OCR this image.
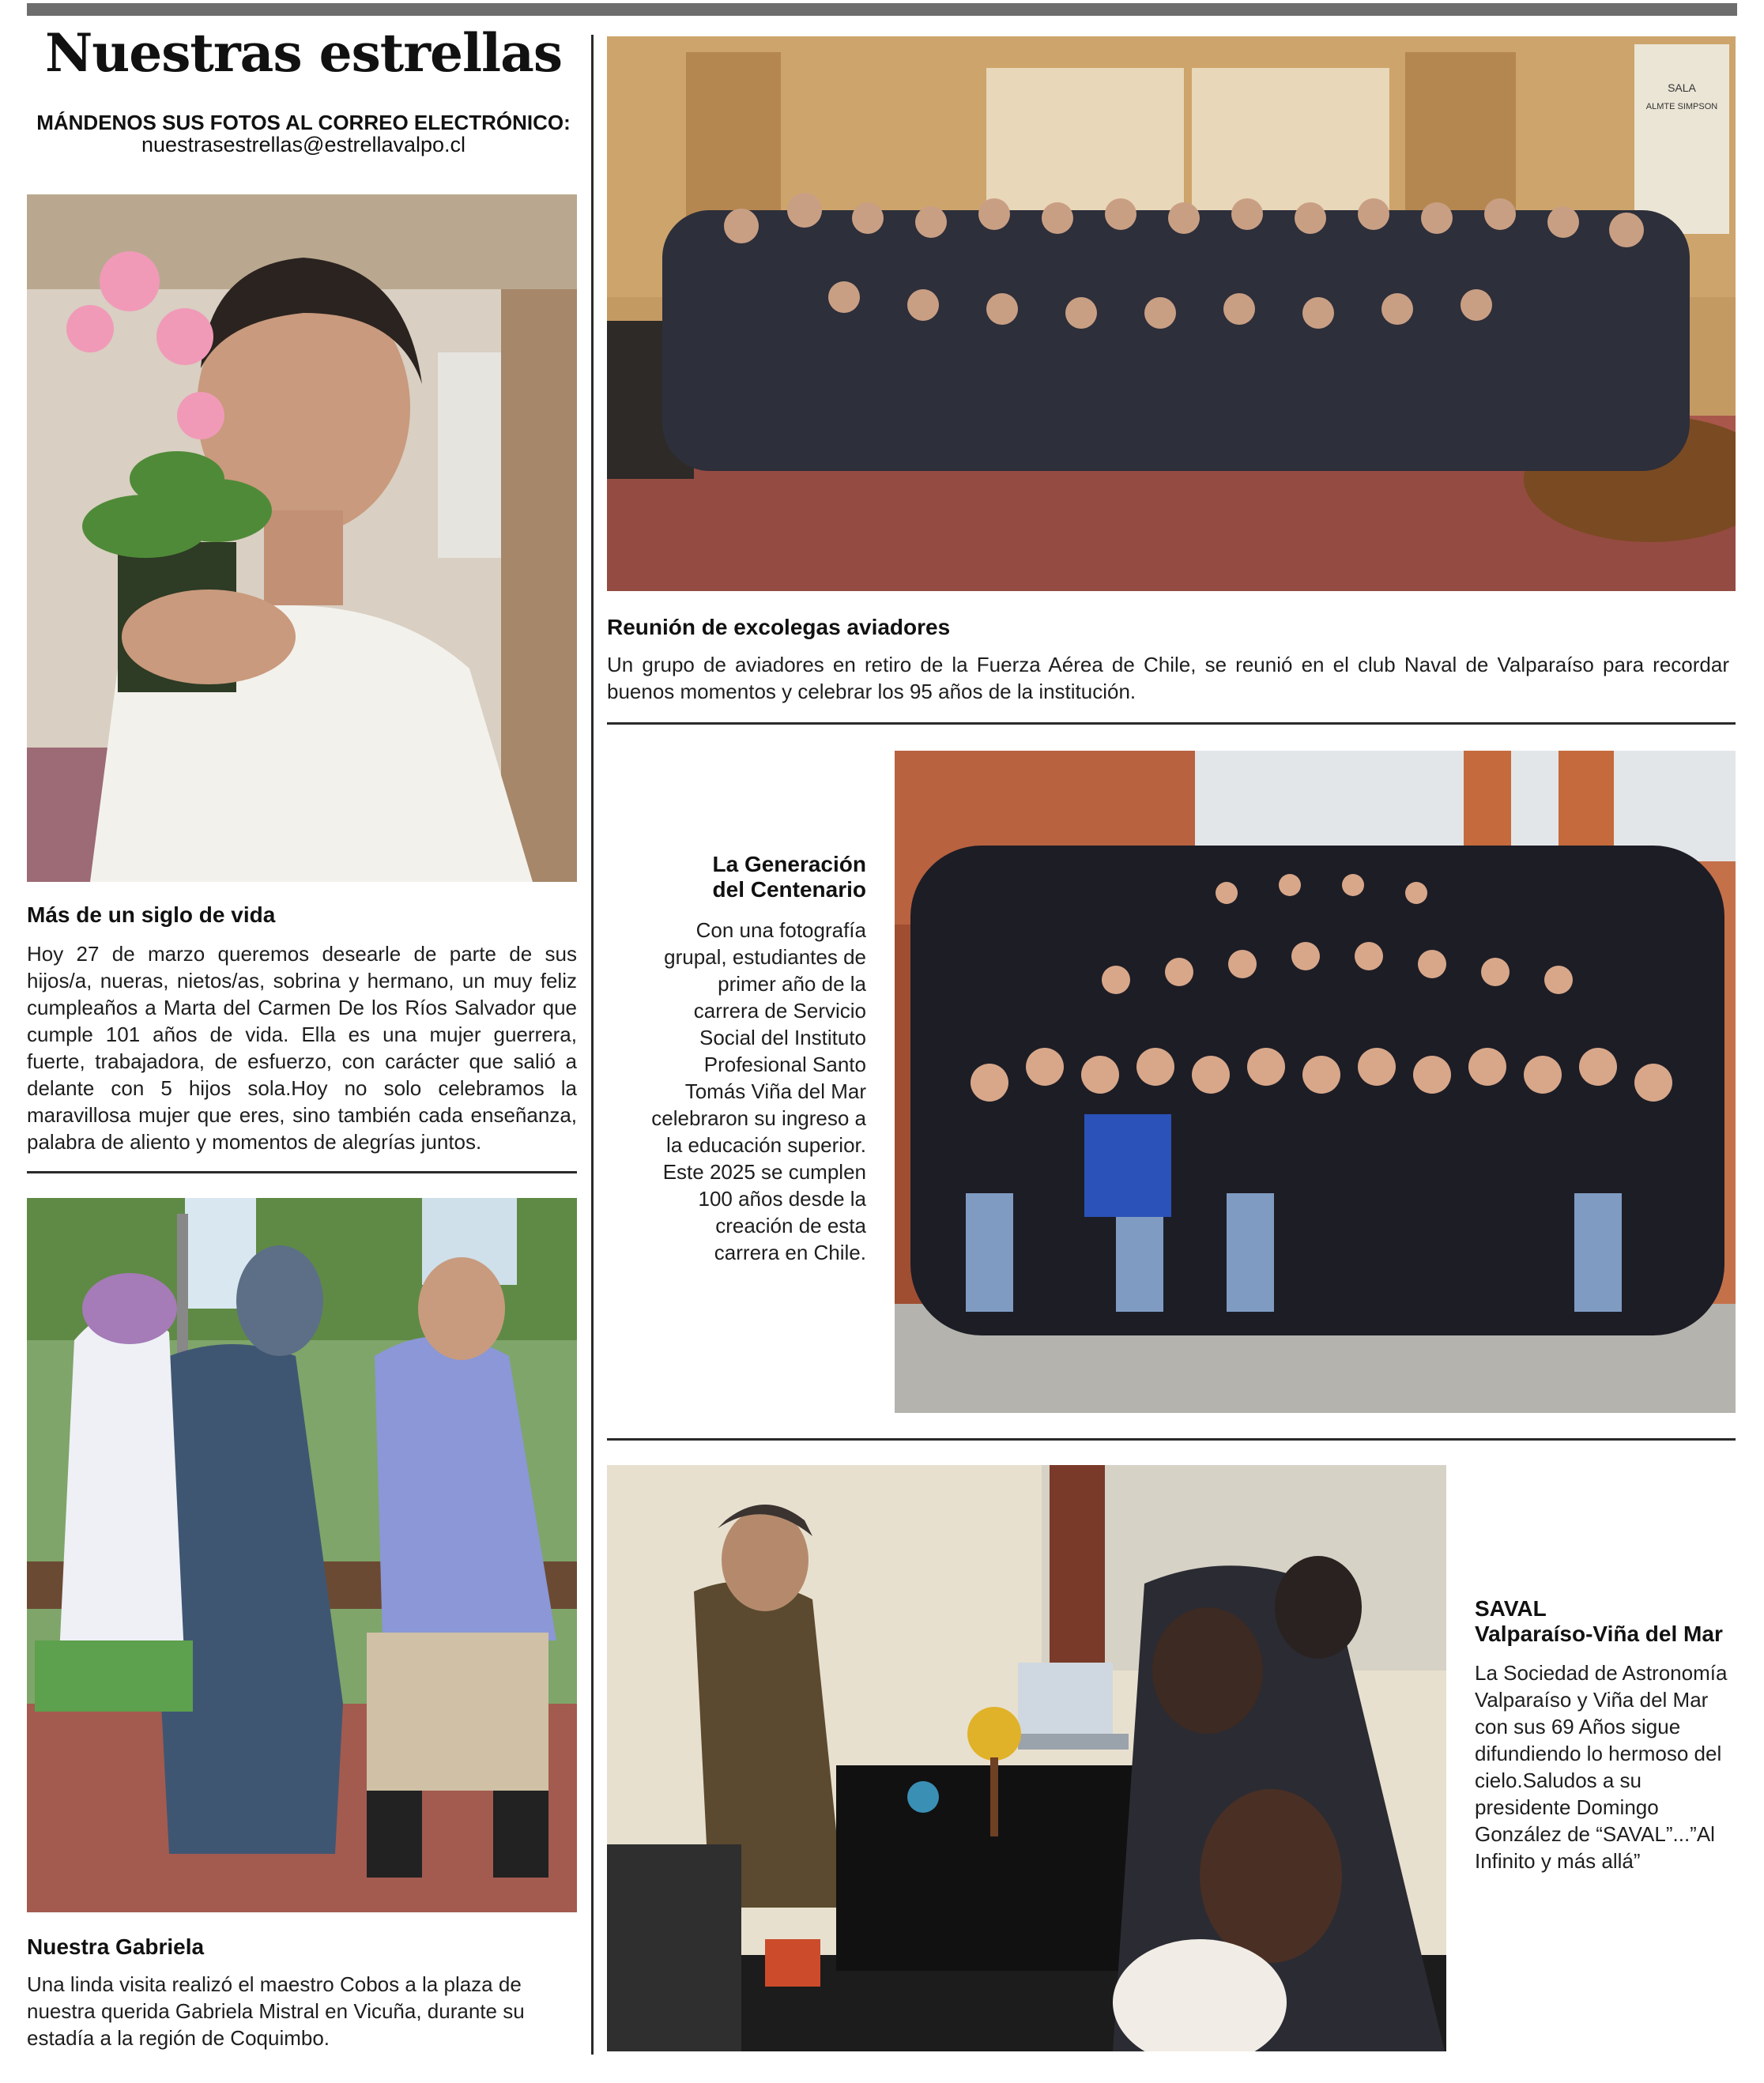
Nuestras estrellas
MÁNDENOS SUS FOTOS AL CORREO ELECTRÓNICO:
nuestrasestrellas@estrellavalpo.cl
Más de un siglo de vida
Hoy 27 de marzo queremos desearle de parte de sus hijos/a, nueras, nietos/as, sobrina y hermano, un muy feliz cumpleaños a Marta del Carmen De los Ríos Salvador que cumple 101 años de vida. Ella es una mujer guerrera, fuerte, trabajadora, de esfuerzo, con carácter que salió a delante con 5 hijos sola.Hoy no solo celebramos la maravillosa mujer que eres, sino también cada enseñanza, palabra de aliento y momentos de alegrías juntos.
Nuestra Gabriela
Una linda visita realizó el maestro Cobos a la plaza de nuestra querida Gabriela Mistral en Vicuña, durante su estadía a la región de Coquimbo.
SALA
ALMTE SIMPSON
Reunión de excolegas aviadores
Un grupo de aviadores en retiro de la Fuerza Aérea de Chile, se reunió en el club Naval de Valparaíso para recordar buenos momentos y celebrar los 95 años de la institución.
La Generación
del Centenario
Con una fotografía grupal, estudiantes de primer año de la carrera de Servicio Social del Instituto Profesional Santo Tomás Viña del Mar celebraron su ingreso a la educación superior. Este 2025 se cumplen 100 años desde la creación de esta carrera en Chile.
SAVAL
Valparaíso-Viña del Mar
La Sociedad de Astronomía Valparaíso y Viña del Mar con sus 69 Años sigue difundiendo lo hermoso del cielo.Saludos a su presidente Domingo González de “SAVAL”...”Al Infinito y más allá”
